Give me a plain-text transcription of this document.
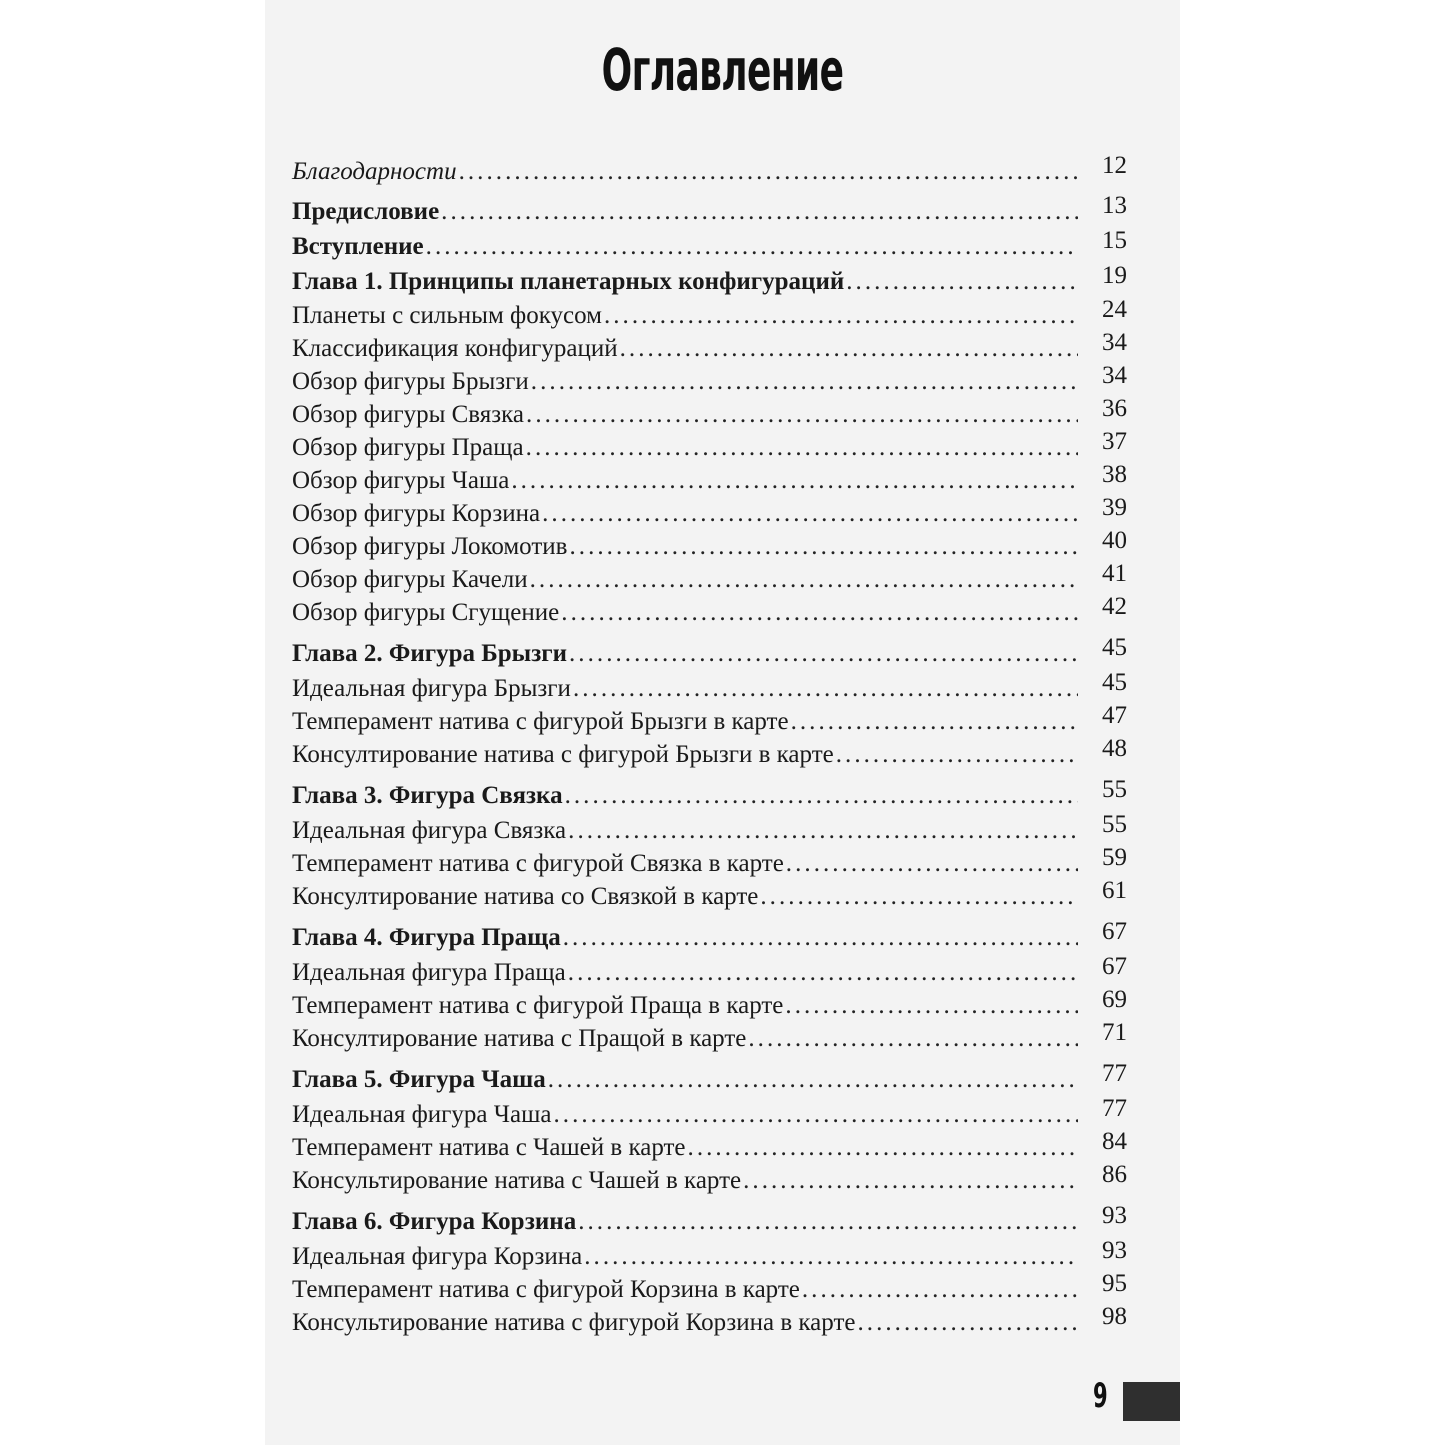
Оглавление
Благодарности . . .	12
Предисловие . . .	13
Вступление . . .	15
Глава 1. Принципы планетарных конфигураций . . .	19
Планеты с сильным фокусом . . .	24
Классификация конфигураций . . .	34
Обзор фигуры Брызги . . .	34
Обзор фигуры Связка . . .	36
Обзор фигуры Праща . . .	37
Обзор фигуры Чаша . . .	38
Обзор фигуры Корзина . . .	39
Обзор фигуры Локомотив . . .	40
Обзор фигуры Качели . . .	41
Обзор фигуры Сгущение . . .	42
Глава 2. Фигура Брызги . . .	45
Идеальная фигура Брызги . . .	45
Темперамент натива с фигурой Брызги в карте . . .	47
Консултирование натива с фигурой Брызги в карте . . .	48
Глава 3. Фигура Связка . . .	55
Идеальная фигура Связка . . .	55
Темперамент натива с фигурой Связка в карте . . .	59
Консултирование натива со Связкой в карте . . .	61
Глава 4. Фигура Праща . . .	67
Идеальная фигура Праща . . .	67
Темперамент натива с фигурой Праща в карте . . .	69
Консултирование натива с Пращой в карте . . .	71
Глава 5. Фигура Чаша . . .	77
Идеальная фигура Чаша . . .	77
Темперамент натива с Чашей в карте . . .	84
Консультирование натива с Чашей в карте . . .	86
Глава 6. Фигура Корзина . . .	93
Идеальная фигура Корзина . . .	93
Темперамент натива с фигурой Корзина в карте . . .	95
Консультирование натива с фигурой Корзина в карте . . .	98
9
